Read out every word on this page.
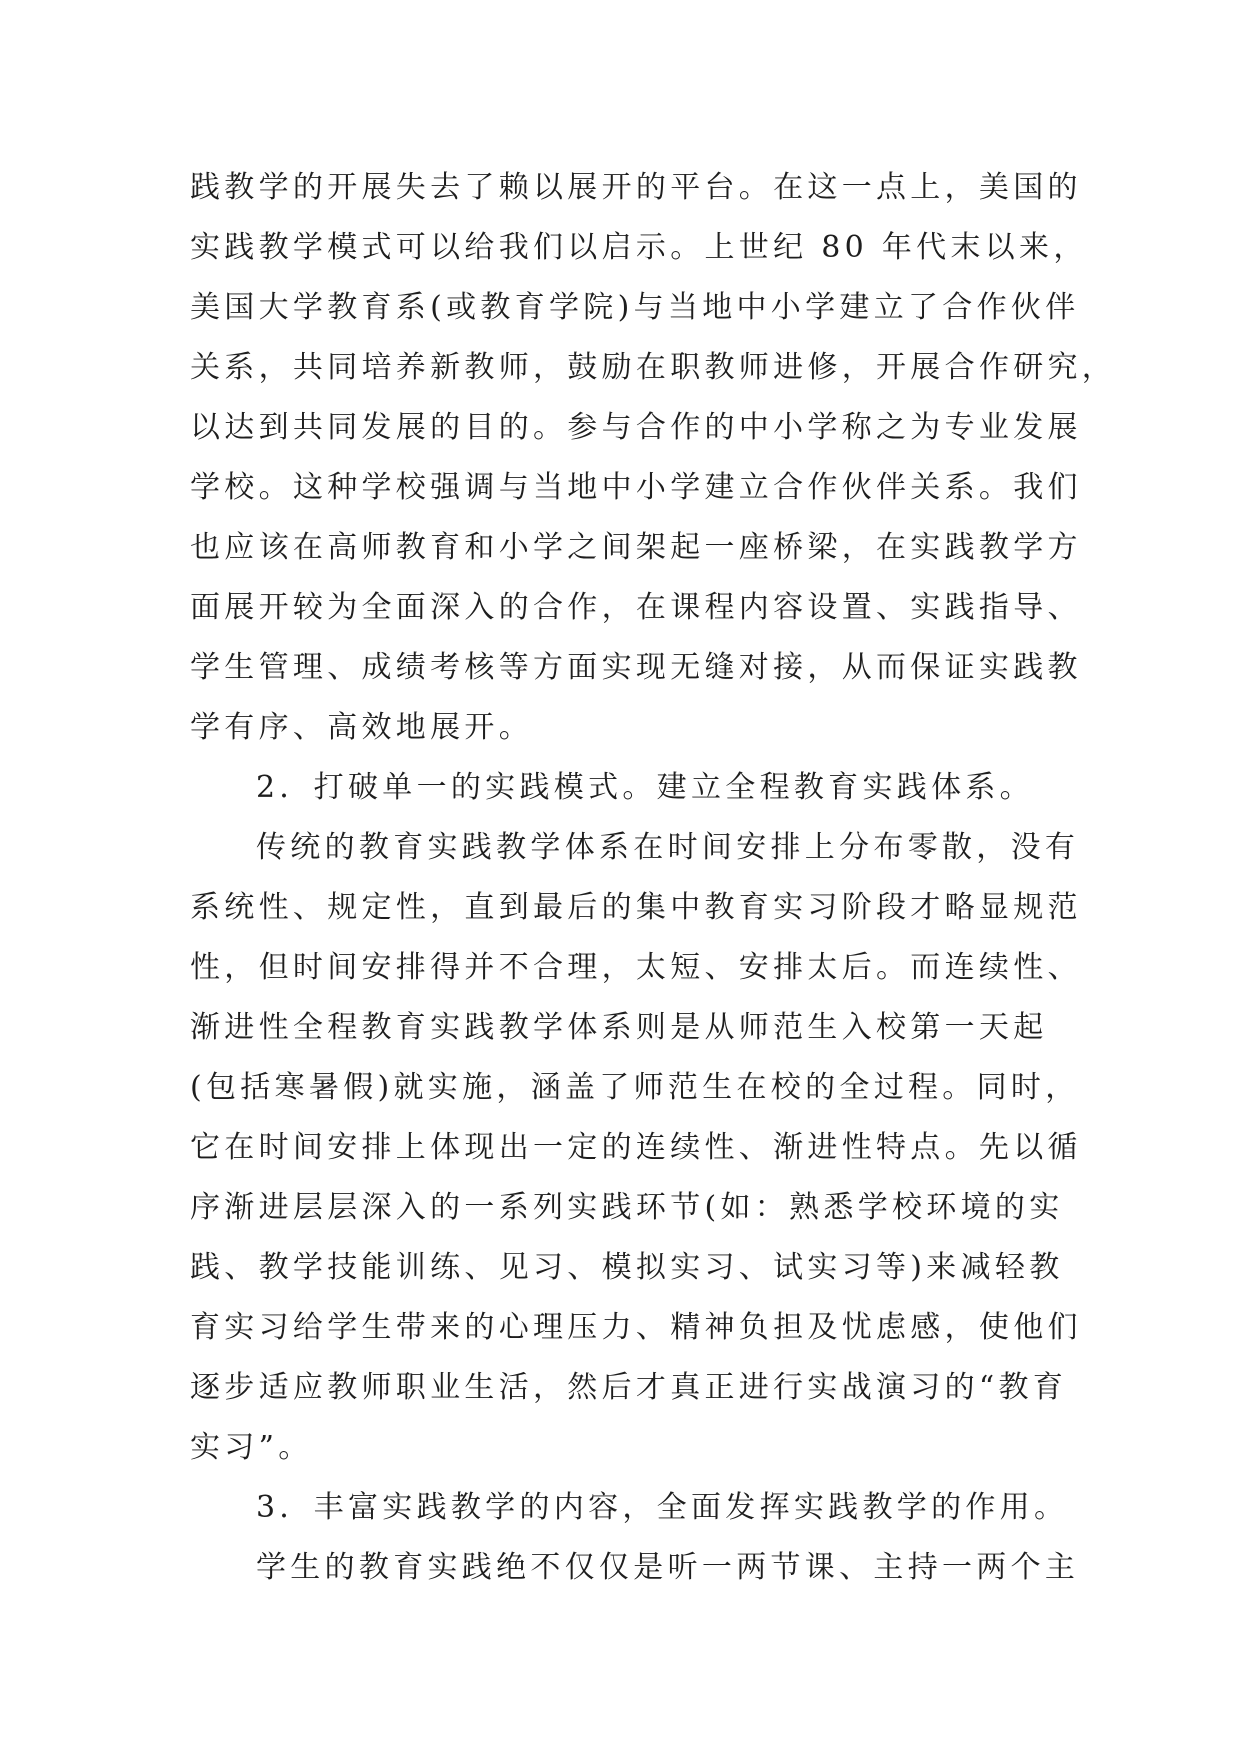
践教学的开展失去了赖以展开的平台。在这一点上，美国的
实践教学模式可以给我们以启示。上世纪 80 年代末以来，
美国大学教育系(或教育学院)与当地中小学建立了合作伙伴
关系，共同培养新教师，鼓励在职教师进修，开展合作研究，
以达到共同发展的目的。参与合作的中小学称之为专业发展
学校。这种学校强调与当地中小学建立合作伙伴关系。我们
也应该在高师教育和小学之间架起一座桥梁，在实践教学方
面展开较为全面深入的合作，在课程内容设置、实践指导、
学生管理、成绩考核等方面实现无缝对接，从而保证实践教
学有序、高效地展开。
2．打破单一的实践模式。建立全程教育实践体系。
传统的教育实践教学体系在时间安排上分布零散，没有
系统性、规定性，直到最后的集中教育实习阶段才略显规范
性，但时间安排得并不合理，太短、安排太后。而连续性、
渐进性全程教育实践教学体系则是从师范生入校第一天起
(包括寒暑假)就实施，涵盖了师范生在校的全过程。同时，
它在时间安排上体现出一定的连续性、渐进性特点。先以循
序渐进层层深入的一系列实践环节(如：熟悉学校环境的实
践、教学技能训练、见习、模拟实习、试实习等)来减轻教
育实习给学生带来的心理压力、精神负担及忧虑感，使他们
逐步适应教师职业生活，然后才真正进行实战演习的“教育
实习”。
3．丰富实践教学的内容，全面发挥实践教学的作用。
学生的教育实践绝不仅仅是听一两节课、主持一两个主
